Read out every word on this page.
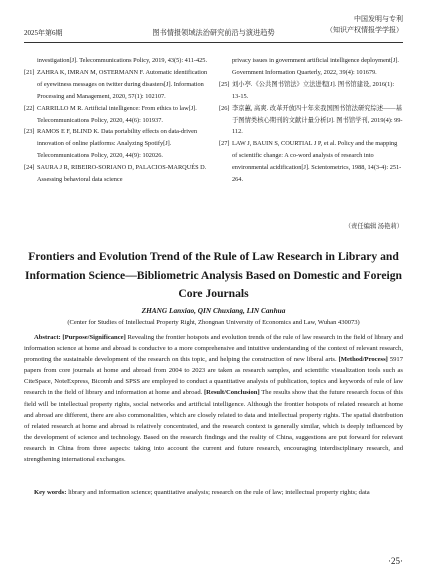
2025年第6期	图书情报领域法治研究前沿与演进趋势
中国发明与专利
（知识产权情报学学报）
investigation[J]. Telecommunications Policy, 2019, 43(5): 411-425.
[21] ZAHRA K, IMRAN M, OSTERMANN F. Automatic identification of eyewitness messages on twitter during disasters[J]. Information Processing and Management, 2020, 57(1): 102107.
[22] CARRILLO M R. Artificial intelligence: From ethics to law[J]. Telecommunications Policy, 2020, 44(6): 101937.
[23] RAMOS E F, BLIND K. Data portability effects on data-driven innovation of online platforms: Analyzing Spotify[J]. Telecommunications Policy, 2020, 44(9): 102026.
[24] SAURA J R, RIBEIRO-SORIANO D, PALACIOS-MARQUÉS D. Assessing behavioral data science
privacy issues in government artificial intelligence deployment[J]. Government Information Quarterly, 2022, 39(4): 101679.
[25] 刘小亭.《公共图书馆法》立法进程[J]. 图书馆建设, 2016(1): 13-15.
[26] 李京蕙, 高爽. 改革开放四十年来我国图书馆法研究综述——基于图情类核心期刊的文献计量分析[J]. 图书馆学刊, 2019(4): 99-112.
[27] LAW J, BAUIN S, COURTIAL J P, et al. Policy and the mapping of scientific change: A co-word analysis of research into environmental acidification[J]. Scientometrics, 1988, 14(3-4): 251-264.
（责任编辑 汤艳莉）
Frontiers and Evolution Trend of the Rule of Law Research in Library and Information Science—Bibliometric Analysis Based on Domestic and Foreign Core Journals
ZHANG Lanxiao, QIN Chuxiang, LIN Canhua
(Center for Studies of Intellectual Property Right, Zhongnan University of Economics and Law, Wuhan 430073)
Abstract: [Purpose/Significance] Revealing the frontier hotspots and evolution trends of the rule of law research in the field of library and information science at home and abroad is conducive to a more comprehensive and intuitive understanding of the context of relevant research, promoting the sustainable development of the research on this topic, and helping the construction of new liberal arts. [Method/Process] 5917 papers from core journals at home and abroad from 2004 to 2023 are taken as research samples, and scientific visualization tools such as CiteSpace, NoteExpress, Bicomb and SPSS are employed to conduct a quantitative analysis of publication, topics and keywords of rule of law research in the field of library and information at home and abroad. [Result/Conclusion] The results show that the future research focus of this field will be intellectual property rights, social networks and artificial intelligence. Although the frontier hotspots of related research at home and abroad are different, there are also commonalities, which are closely related to data and intellectual property rights. The spatial distribution of related research at home and abroad is relatively concentrated, and the research context is generally similar, which is deeply influenced by the development of science and technology. Based on the research findings and the reality of China, suggestions are put forward for relevant research in China from three aspects: taking into account the current and future research, encouraging interdisciplinary research, and strengthening international exchanges.
Key words: library and information science; quantitative analysis; research on the rule of law; intellectual property rights; data
·25·
